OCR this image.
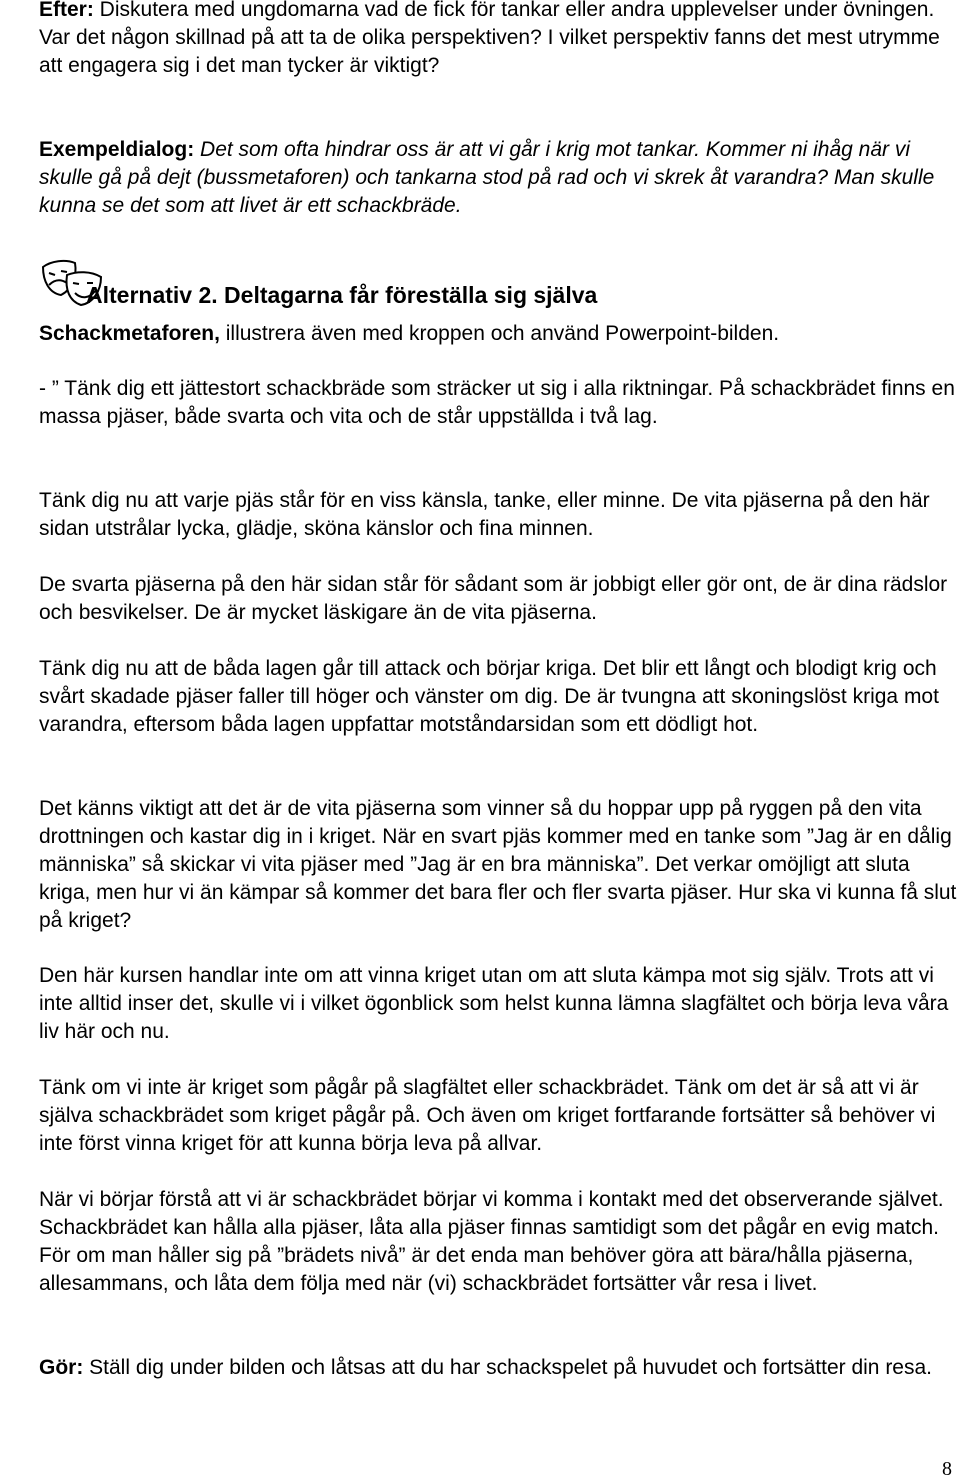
Efter: Diskutera med ungdomarna vad de fick för tankar eller andra upplevelser under övningen. Var det någon skillnad på att ta de olika perspektiven? I vilket perspektiv fanns det mest utrymme att engagera sig i det man tycker är viktigt?

Exempeldialog: Det som ofta hindrar oss är att vi går i krig mot tankar. Kommer ni ihåg när vi skulle gå på dejt (bussmetaforen) och tankarna stod på rad och vi skrek åt varandra? Man skulle kunna se det som att livet är ett schackbräde.

Alternativ 2. Deltagarna får föreställa sig själva

Schackmetaforen, illustrera även med kroppen och använd Powerpoint-bilden.

- ” Tänk dig ett jättestort schackbräde som sträcker ut sig i alla riktningar. På schackbrädet finns en massa pjäser, både svarta och vita och de står uppställda i två lag.

Tänk dig nu att varje pjäs står för en viss känsla, tanke, eller minne. De vita pjäserna på den här sidan utstrålar lycka, glädje, sköna känslor och fina minnen.

De svarta pjäserna på den här sidan står för sådant som är jobbigt eller gör ont, de är dina rädslor och besvikelser. De är mycket läskigare än de vita pjäserna.

Tänk dig nu att de båda lagen går till attack och börjar kriga. Det blir ett långt och blodigt krig och svårt skadade pjäser faller till höger och vänster om dig. De är tvungna att skoningslöst kriga mot varandra, eftersom båda lagen uppfattar motståndarsidan som ett dödligt hot.

Det känns viktigt att det är de vita pjäserna som vinner så du hoppar upp på ryggen på den vita drottningen och kastar dig in i kriget. När en svart pjäs kommer med en tanke som ”Jag är en dålig människa” så skickar vi vita pjäser med ”Jag är en bra människa”. Det verkar omöjligt att sluta kriga, men hur vi än kämpar så kommer det bara fler och fler svarta pjäser. Hur ska vi kunna få slut på kriget?

Den här kursen handlar inte om att vinna kriget utan om att sluta kämpa mot sig själv. Trots att vi inte alltid inser det, skulle vi i vilket ögonblick som helst kunna lämna slagfältet och börja leva våra liv här och nu.

Tänk om vi inte är kriget som pågår på slagfältet eller schackbrädet. Tänk om det är så att vi är själva schackbrädet som kriget pågår på. Och även om kriget fortfarande fortsätter så behöver vi inte först vinna kriget för att kunna börja leva på allvar.

När vi börjar förstå att vi är schackbrädet börjar vi komma i kontakt med det observerande självet. Schackbrädet kan hålla alla pjäser, låta alla pjäser finnas samtidigt som det pågår en evig match. För om man håller sig på ”brädets nivå” är det enda man behöver göra att bära/hålla pjäserna, allesammans, och låta dem följa med när (vi) schackbrädet fortsätter vår resa i livet.

Gör: Ställ dig under bilden och låtsas att du har schackspelet på huvudet och fortsätter din resa.

8
